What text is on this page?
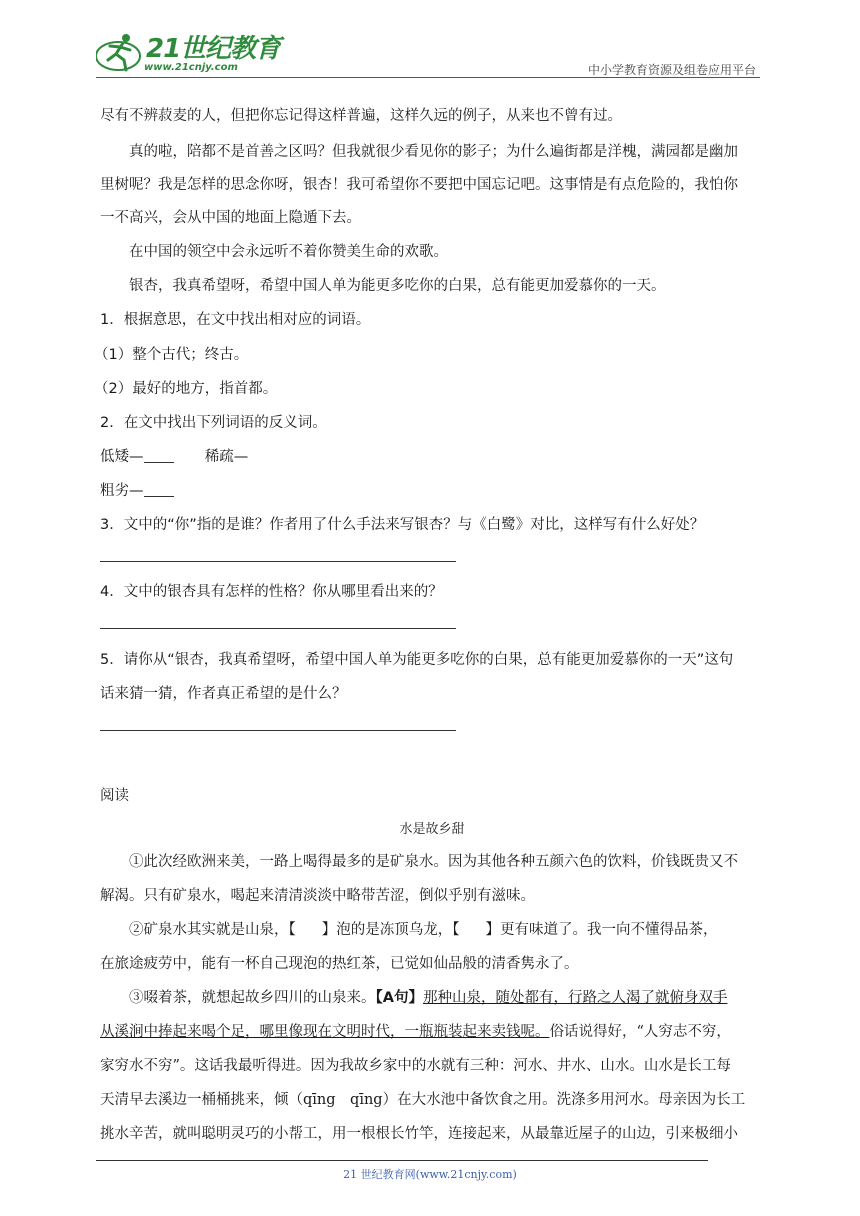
21世纪教育
www.21cnjy.com	中小学教育资源及组卷应用平台
尽有不辨菽麦的人，但把你忘记得这样普遍，这样久远的例子，从来也不曾有过。
真的啦，陪都不是首善之区吗？但我就很少看见你的影子；为什么遍街都是洋槐，满园都是幽加
里树呢？我是怎样的思念你呀，银杏！我可希望你不要把中国忘记吧。这事情是有点危险的，我怕你
一不高兴，会从中国的地面上隐遁下去。
在中国的领空中会永远听不着你赞美生命的欢歌。
银杏，我真希望呀，希望中国人单为能更多吃你的白果，总有能更加爱慕你的一天。
1．根据意思，在文中找出相对应的词语。
（1）整个古代；终古。
（2）最好的地方，指首都。
2．在文中找出下列词语的反义词。
低矮—	稀疏—
粗劣—
3．文中的“你”指的是谁？作者用了什么手法来写银杏？与《白鹭》对比，这样写有什么好处？
4．文中的银杏具有怎样的性格？你从哪里看出来的？
5．请你从“银杏，我真希望呀，希望中国人单为能更多吃你的白果，总有能更加爱慕你的一天”这句
话来猜一猜，作者真正希望的是什么？
阅读
水是故乡甜
①此次经欧洲来美，一路上喝得最多的是矿泉水。因为其他各种五颜六色的饮料，价钱既贵又不
解渴。只有矿泉水，喝起来清清淡淡中略带苦涩，倒似乎别有滋味。
②矿泉水其实就是山泉，【 】泡的是冻顶乌龙，【 】更有味道了。我一向不懂得品茶，
在旅途疲劳中，能有一杯自己现泡的热红茶，已觉如仙品般的清香隽永了。
③啜着茶，就想起故乡四川的山泉来。【A句】那种山泉，随处都有，行路之人渴了就俯身双手
从溪涧中捧起来喝个足，哪里像现在文明时代，一瓶瓶装起来卖钱呢。俗话说得好，“人穷志不穷，
家穷水不穷”。这话我最听得进。因为我故乡家中的水就有三种：河水、井水、山水。山水是长工每
天清早去溪边一桶桶挑来，倾（qīng　qīng）在大水池中备饮食之用。洗涤多用河水。母亲因为长工
挑水辛苦，就叫聪明灵巧的小帮工，用一根根长竹竿，连接起来，从最靠近屋子的山边，引来极细小
21 世纪教育网(www.21cnjy.com)
